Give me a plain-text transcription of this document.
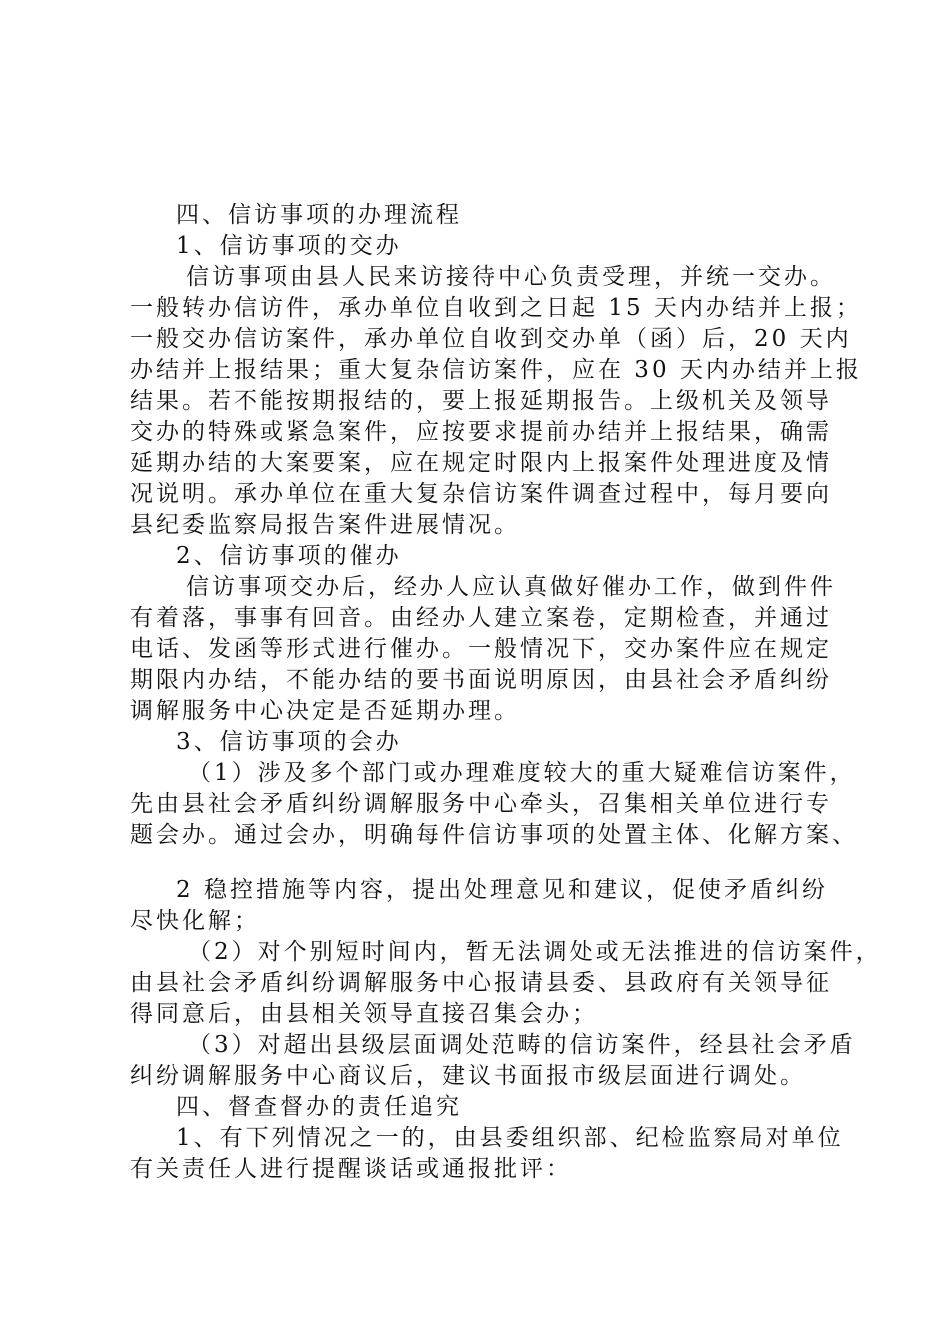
四、信访事项的办理流程
1、信访事项的交办
信访事项由县人民来访接待中心负责受理，并统一交办。
一般转办信访件，承办单位自收到之日起 15 天内办结并上报；
一般交办信访案件，承办单位自收到交办单（函）后，20 天内
办结并上报结果；重大复杂信访案件，应在 30 天内办结并上报
结果。若不能按期报结的，要上报延期报告。上级机关及领导
交办的特殊或紧急案件，应按要求提前办结并上报结果，确需
延期办结的大案要案，应在规定时限内上报案件处理进度及情
况说明。承办单位在重大复杂信访案件调查过程中，每月要向
县纪委监察局报告案件进展情况。
2、信访事项的催办
信访事项交办后，经办人应认真做好催办工作，做到件件
有着落，事事有回音。由经办人建立案卷，定期检查，并通过
电话、发函等形式进行催办。一般情况下，交办案件应在规定
期限内办结，不能办结的要书面说明原因，由县社会矛盾纠纷
调解服务中心决定是否延期办理。
3、信访事项的会办
（1）涉及多个部门或办理难度较大的重大疑难信访案件，
先由县社会矛盾纠纷调解服务中心牵头，召集相关单位进行专
题会办。通过会办，明确每件信访事项的处置主体、化解方案、
2 稳控措施等内容，提出处理意见和建议，促使矛盾纠纷
尽快化解；
（2）对个别短时间内，暂无法调处或无法推进的信访案件，
由县社会矛盾纠纷调解服务中心报请县委、县政府有关领导征
得同意后，由县相关领导直接召集会办；
（3）对超出县级层面调处范畴的信访案件，经县社会矛盾
纠纷调解服务中心商议后，建议书面报市级层面进行调处。
四、督查督办的责任追究
1、有下列情况之一的，由县委组织部、纪检监察局对单位
有关责任人进行提醒谈话或通报批评：
